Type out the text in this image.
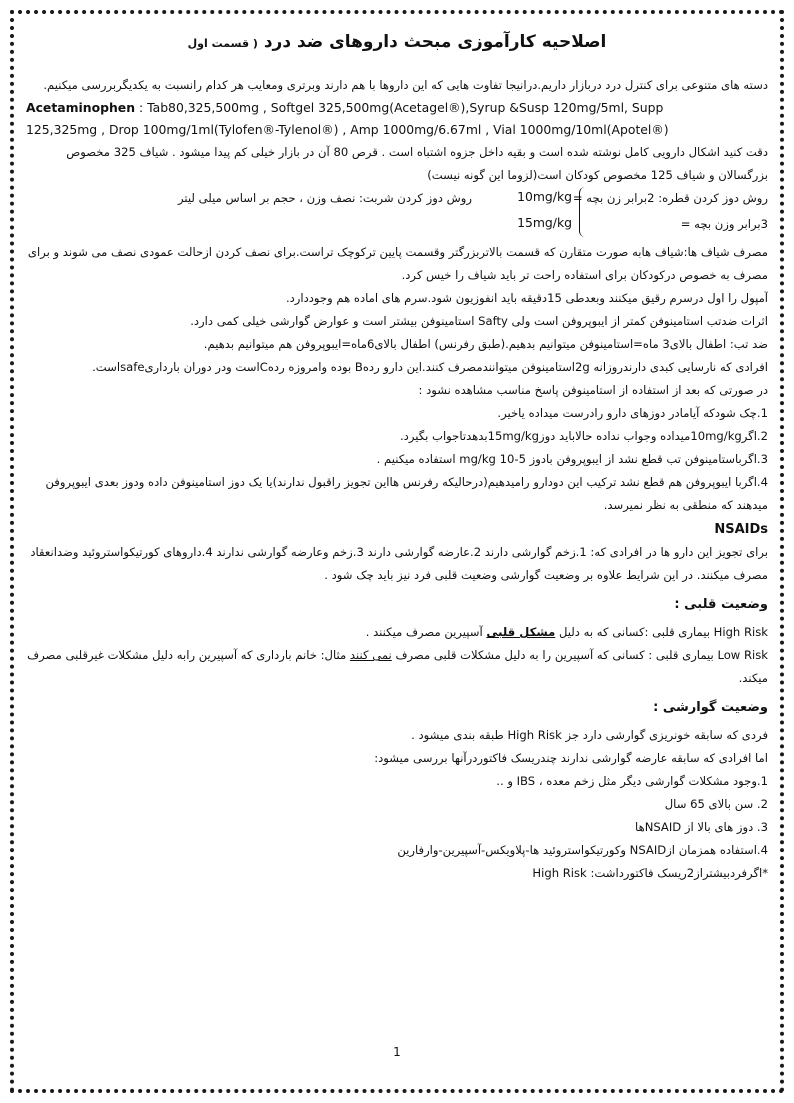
اصلاحیه کارآموزی مبحث داروهای ضد درد ( قسمت اول

دسته های متنوعی برای کنترل درد دربازار داریم.درانیجا تفاوت هایی که این داروها با هم دارند وبرتری ومعایب هر کدام رانسبت به یکدیگربررسی میکنیم.

Acetaminophen : Tab80,325,500mg , Softgel 325,500mg(Acetagel®),Syrup &Susp 120mg/5ml, Supp

125,325mg , Drop 100mg/1ml(Tylofen®-Tylenol®) , Amp 1000mg/6.67ml , Vial 1000mg/10ml(Apotel®)

دقت کنید اشکال دارویی کامل نوشته شده است و بقیه داخل جزوه اشتباه است . قرص 80 آن در بازار خیلی کم پیدا میشود . شیاف 325 مخصوص بزرگسالان و شیاف 125 مخصوص کودکان است(لزوما این گونه نیست)

روش دوز کردن قطره: 2برابر زن بچه =
3برابر وزن بچه =
10mg/kg
15mg/kg
روش دوز کردن شربت: نصف وزن ، حجم بر اساس میلی لیتر

مصرف شیاف ها:شیاف هابه صورت متقارن که قسمت بالاتربزرگتر وقسمت پایین ترکوچک تراست.برای نصف کردن ازحالت عمودی نصف می شوند و برای مصرف به خصوص درکودکان برای استفاده راحت تر باید شیاف را خیس کرد.

آمپول را اول درسرم رقیق میکنند وبعدطی 15دقیقه باید انفوزیون شود.سرم های اماده هم وجوددارد.

اثرات ضدتب استامینوفن کمتر از ایبوپروفن است ولی Safty استامینوفن بیشتر است و عوارض گوارشی خیلی کمی دارد.

ضد تب: اطفال بالای3 ماه=استامینوفن میتوانیم بدهیم.(طبق رفرنس) اطفال بالای6ماه=ایبوپروفن هم میتوانیم بدهیم.

افرادی که نارسایی کبدی دارندروزانه 2gاستامینوفن میتوانندمصرف کنند.این دارو ردهB بوده وامروزه ردهCاست ودر دوران بارداریsafeاست.

در صورتی که بعد از استفاده از استامینوفن پاسخ مناسب مشاهده نشود :

1.چک شودکه آیامادر دوزهای دارو رادرست میداده یاخیر.

2.اگر10mg/kgمیداده وجواب نداده حالاباید دوز15mg/kgبدهدتاجواب بگیرد.

3.اگرباستامینوفن تب قطع نشد از ایبوپروفن بادوز 5-10 mg/kg استفاده میکنیم .

4.اگربا ایبوپروفن هم قطع نشد ترکیب این دودارو رامیدهیم(درحالیکه رفرنس هااین تجویز راقبول ندارند)یا یک دوز استامینوفن داده ودوز بعدی ایبوپروفن میدهند که منطقی به نظر نمیرسد.

NSAIDs

برای تجویز این دارو ها در افرادی که: 1.زخم گوارشی دارند 2.عارضه گوارشی دارند 3.زخم وعارضه گوارشی ندارند 4.داروهای کورتیکواستروئید وضدانعقاد مصرف میکنند. در این شرایط علاوه بر وضعیت گوارشی وضعیت قلبی فرد نیز باید چک شود .

وضعیت قلبی :

High Risk بیماری قلبی :کسانی که به دلیل مشکل قلبی آسپیرین مصرف میکنند .

Low Risk بیماری قلبی : کسانی که آسپیرین را به دلیل مشکلات قلبی مصرف نمی کنند مثال: خانم بارداری که آسپیرین رابه دلیل مشکلات غیرقلبی مصرف میکند.

وضعیت گوارشی :

فردی که سابقه خونریزی گوارشی دارد جز High Risk طبقه بندی میشود .

اما افرادی که سابقه عارضه گوارشی ندارند چندریسک فاکتوردرآنها بررسی میشود:

1.وجود مشکلات گوارشی دیگر مثل زخم معده ، IBS و ..

2. سن بالای 65 سال

3. دوز های بالا از NSAIDها

4.استفاده همزمان ازNSAID وکورتیکواستروئید ها-پلاویکس-آسپیرین-وارفارین

*اگرفردبیشتراز2ریسک فاکتورداشت: High Risk

1
